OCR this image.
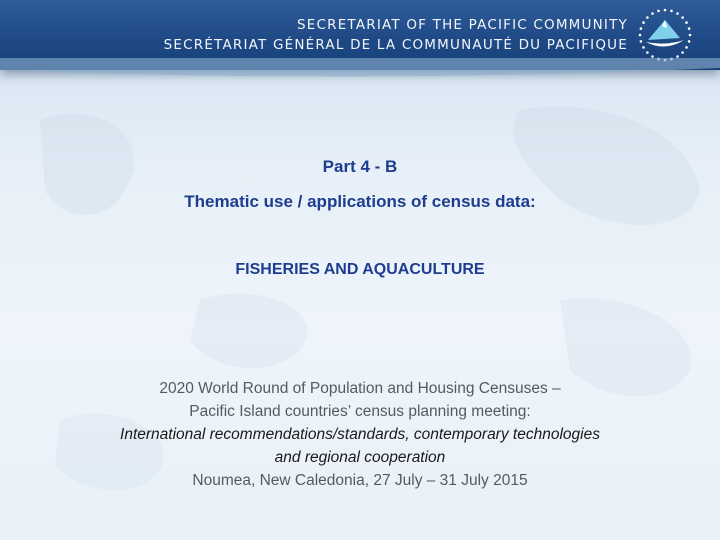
SECRETARIAT OF THE PACIFIC COMMUNITY
SECRÉTARIAT GÉNÉRAL DE LA COMMUNAUTÉ DU PACIFIQUE
Part 4 - B
Thematic use / applications of census data:
FISHERIES AND AQUACULTURE
2020 World Round of Population and Housing Censuses –
Pacific Island countries’ census planning meeting:
International recommendations/standards, contemporary technologies
and regional cooperation
Noumea, New Caledonia, 27 July – 31 July 2015
